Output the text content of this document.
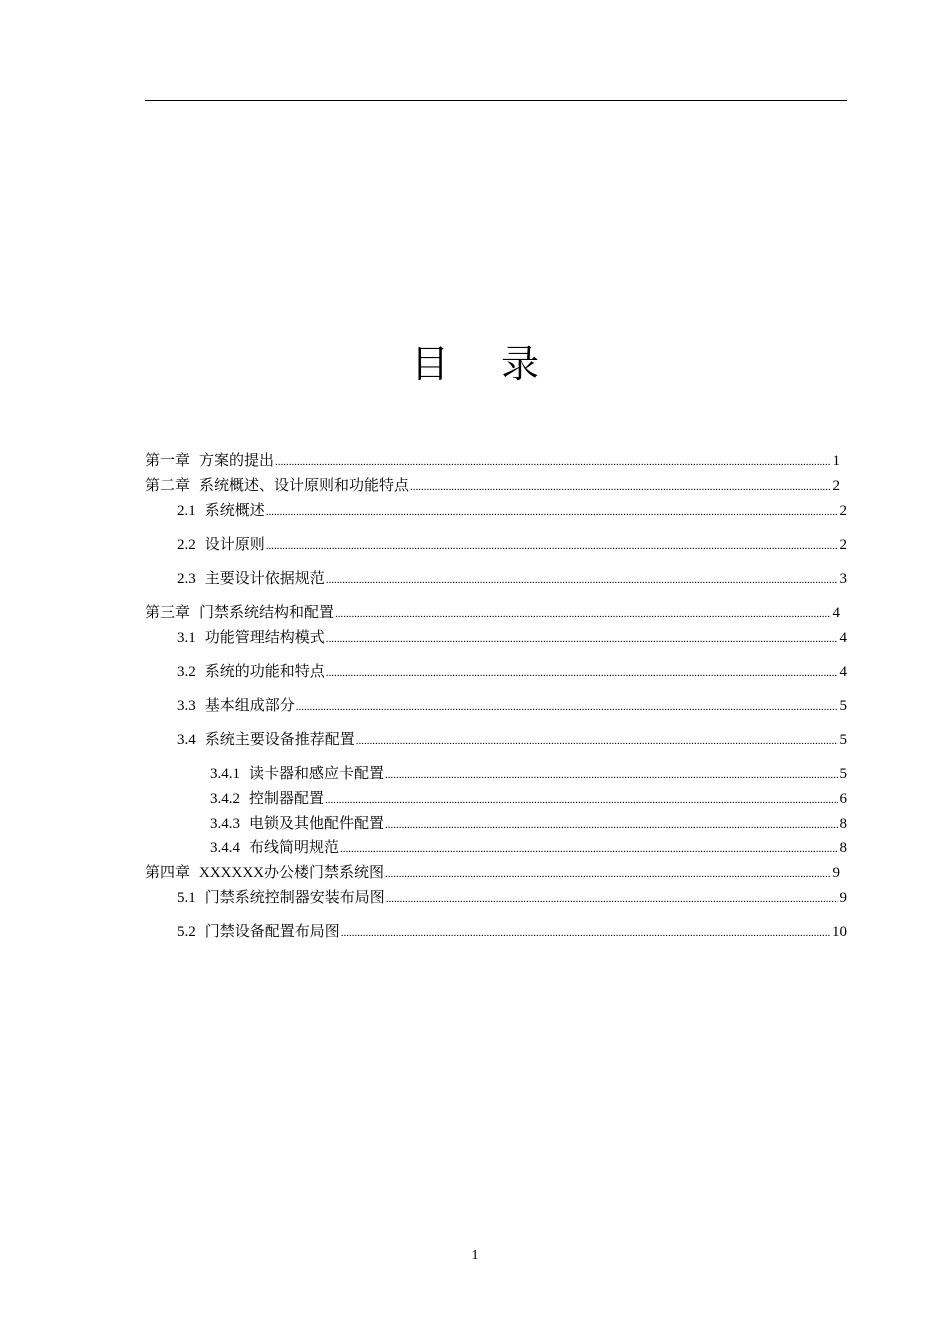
目 录
第一章 方案的提出 .....	1
第二章 系统概述、设计原则和功能特点 .....	2
2.1 系统概述 .....	2
2.2 设计原则 .....	2
2.3 主要设计依据规范 .....	3
第三章 门禁系统结构和配置 .....	4
3.1 功能管理结构模式 .....	4
3.2 系统的功能和特点 .....	4
3.3 基本组成部分 .....	5
3.4 系统主要设备推荐配置 .....	5
3.4.1 读卡器和感应卡配置 .....	5
3.4.2 控制器配置 .....	6
3.4.3 电锁及其他配件配置 .....	8
3.4.4 布线简明规范 .....	8
第四章 XXXXXX办公楼门禁系统图 .....	9
5.1 门禁系统控制器安装布局图 .....	9
5.2 门禁设备配置布局图 .....	10
1
